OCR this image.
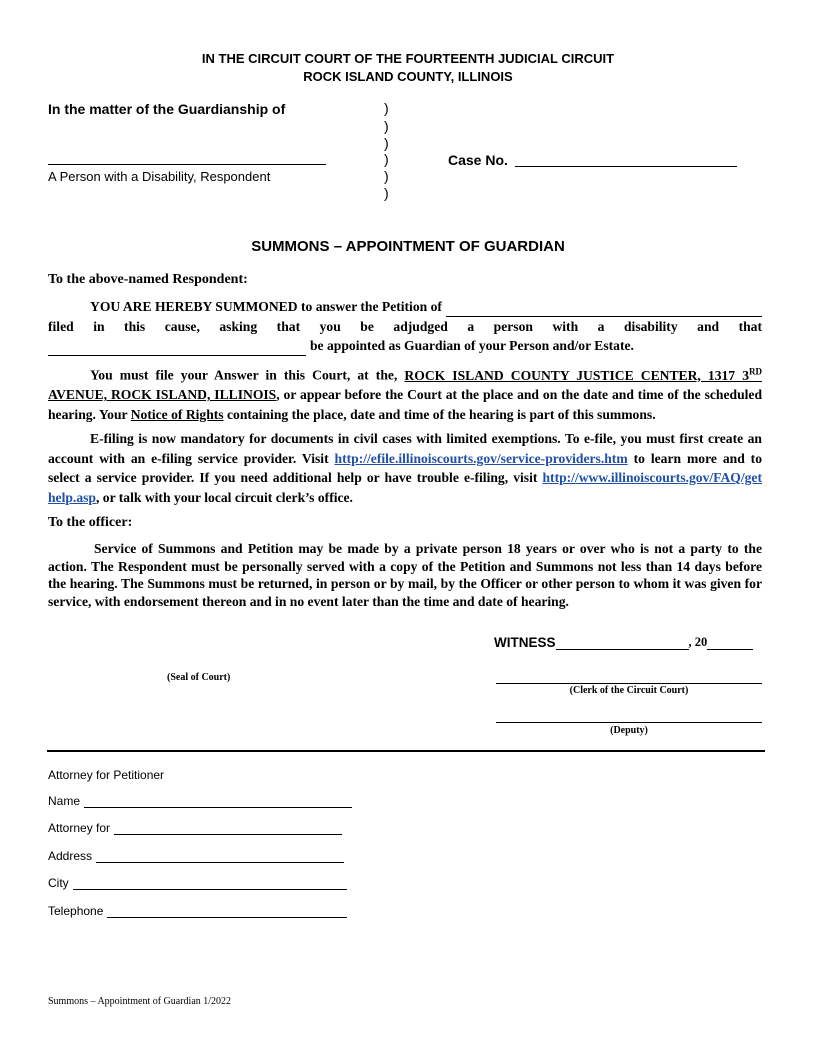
IN THE CIRCUIT COURT OF THE FOURTEENTH JUDICIAL CIRCUIT
ROCK ISLAND COUNTY, ILLINOIS
In the matter of the Guardianship of
A Person with a Disability, Respondent
)
)
)
)
)
)
Case No.
SUMMONS – APPOINTMENT OF GUARDIAN
To the above-named Respondent:
YOU ARE HEREBY SUMMONED to answer the Petition of
filed in this cause, asking that you be adjudged a person with a disability and that
be appointed as Guardian of your Person and/or Estate.
You must file your Answer in this Court, at the, ROCK ISLAND COUNTY JUSTICE CENTER, 1317 3RD AVENUE, ROCK ISLAND, ILLINOIS, or appear before the Court at the place and on the date and time of the scheduled hearing. Your Notice of Rights containing the place, date and time of the hearing is part of this summons.
E-filing is now mandatory for documents in civil cases with limited exemptions. To e-file, you must first create an account with an e-filing service provider. Visit http://efile.illinoiscourts.gov/service-providers.htm to learn more and to select a service provider. If you need additional help or have trouble e-filing, visit http://www.illinoiscourts.gov/FAQ/get help.asp, or talk with your local circuit clerk’s office.
To the officer:
Service of Summons and Petition may be made by a private person 18 years or over who is not a party to the action. The Respondent must be personally served with a copy of the Petition and Summons not less than 14 days before the hearing. The Summons must be returned, in person or by mail, by the Officer or other person to whom it was given for service, with endorsement thereon and in no event later than the time and date of hearing.
WITNESS	, 20
(Seal of Court)
(Clerk of the Circuit Court)
(Deputy)
Attorney for Petitioner
Name
Attorney for
Address
City
Telephone
Summons – Appointment of Guardian 1/2022
